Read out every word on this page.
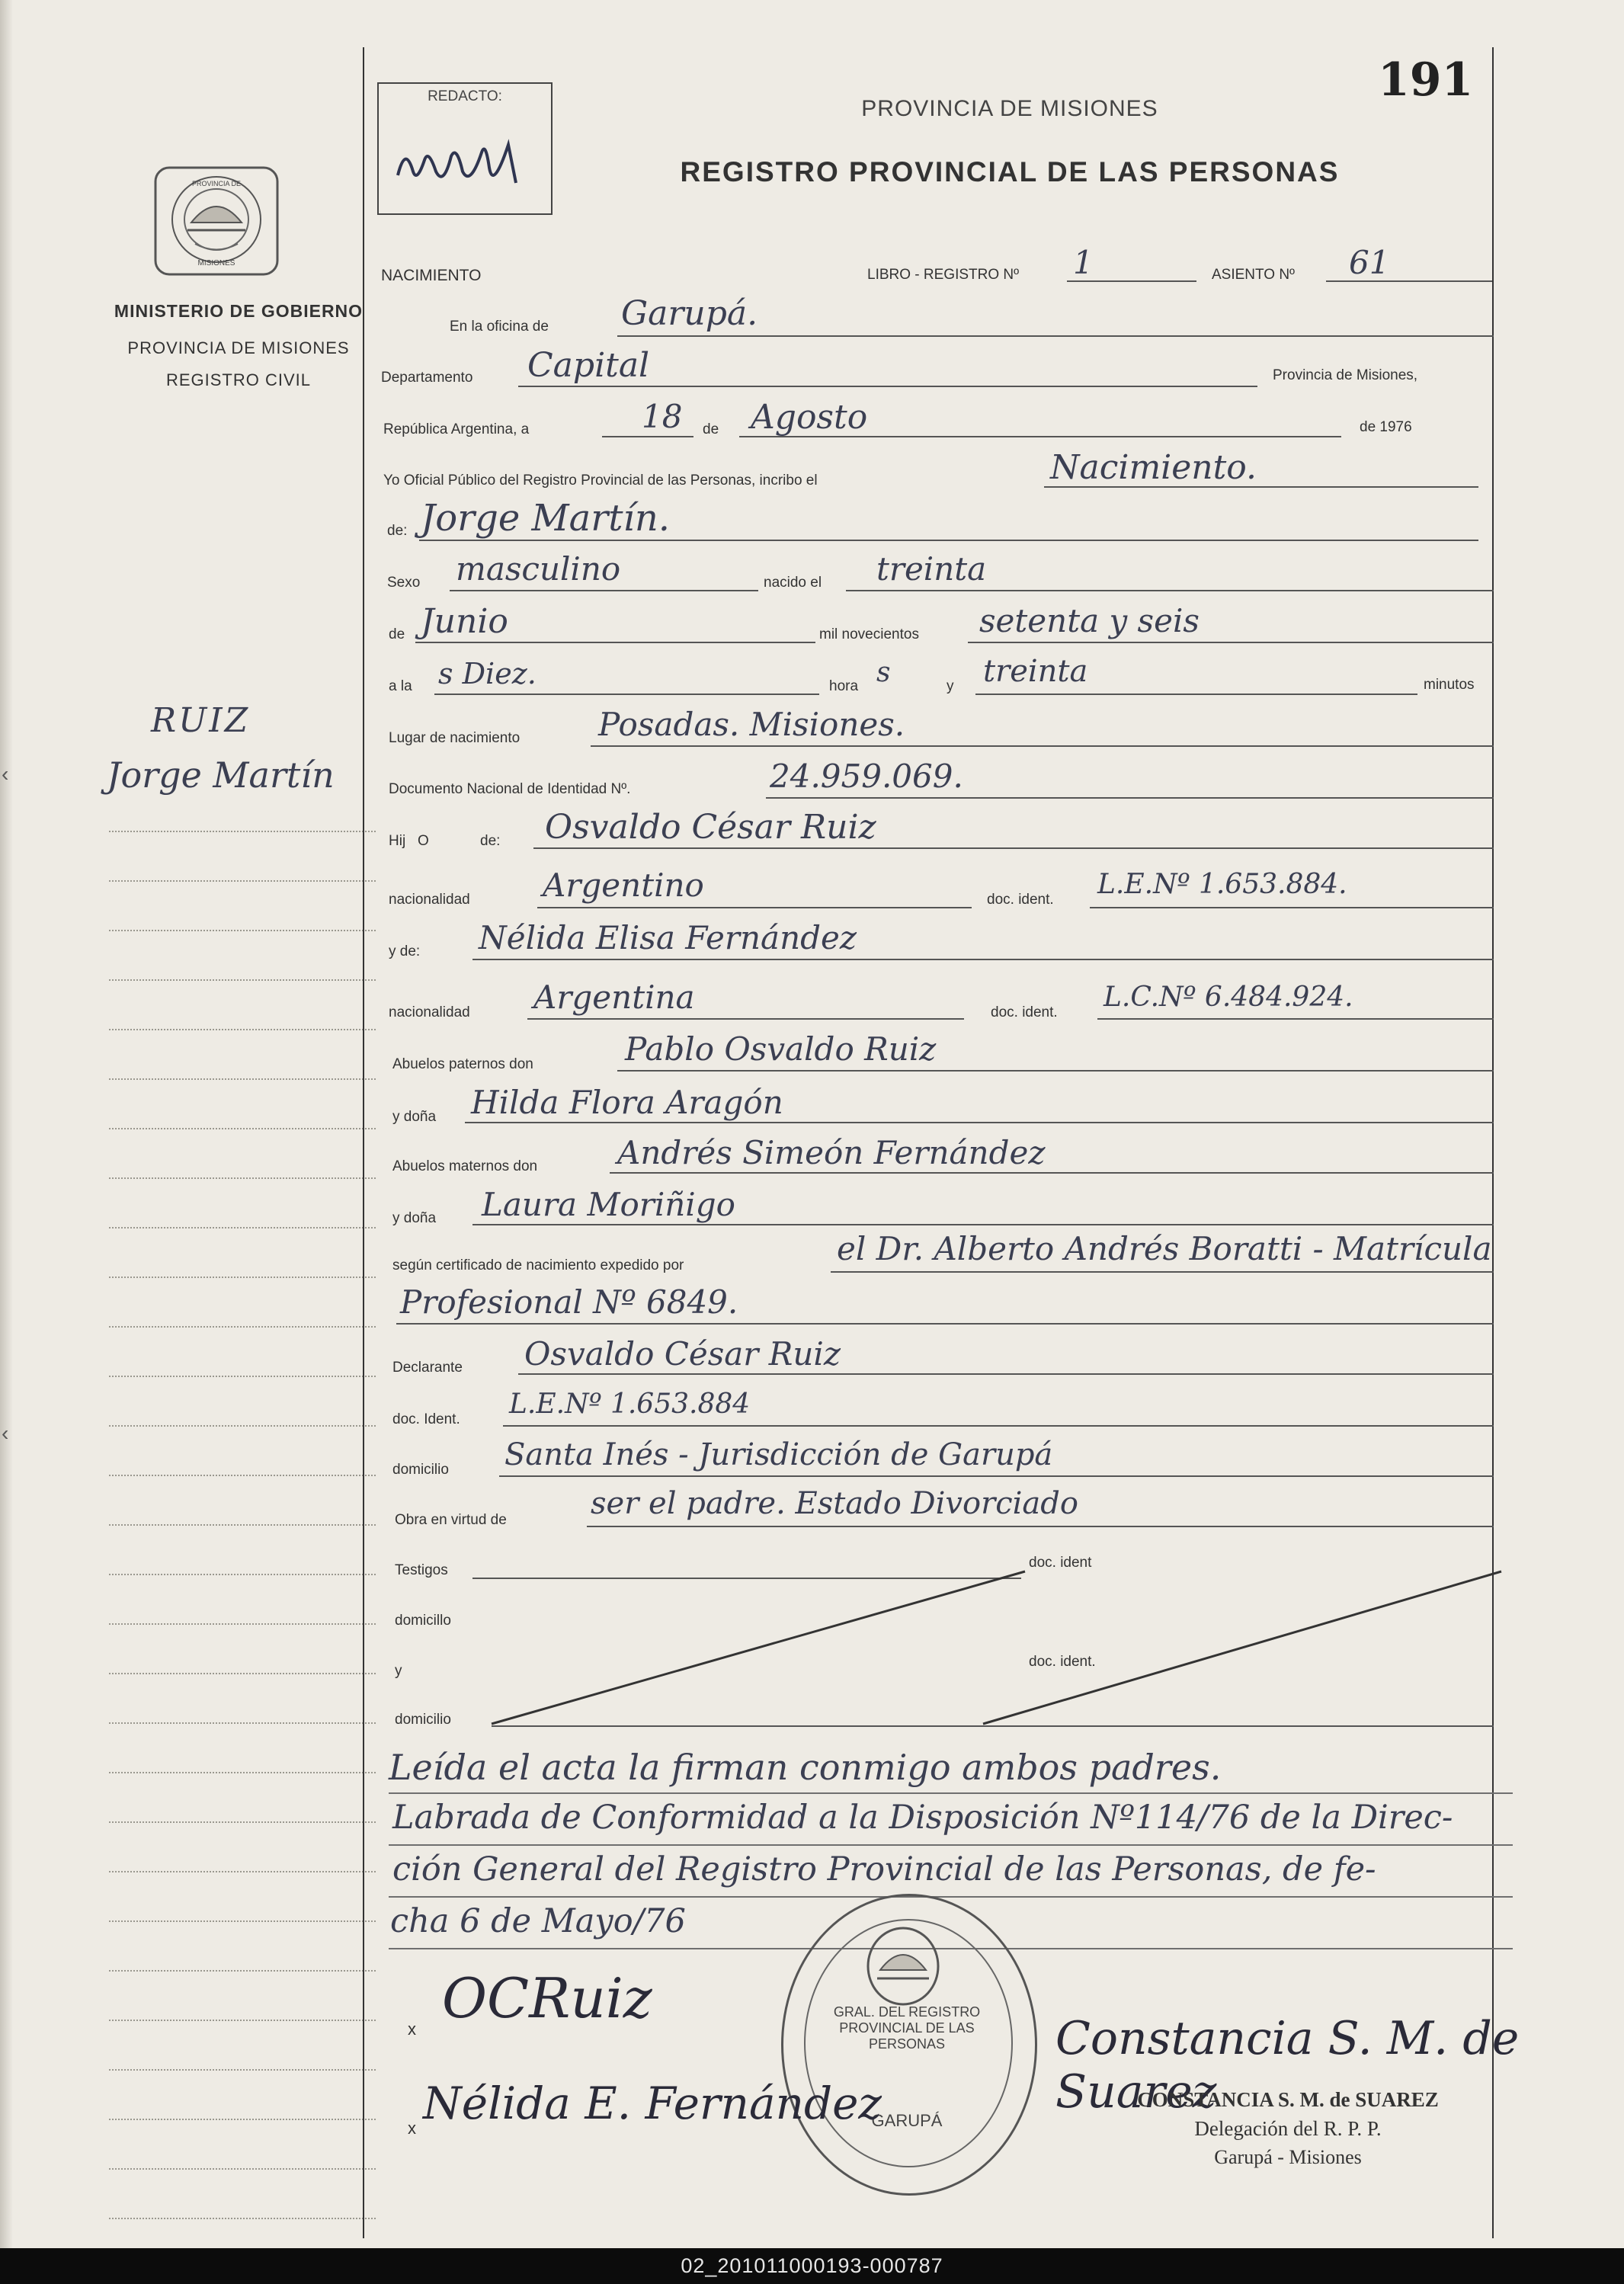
PROVINCIA DE
MISIONES
MINISTERIO DE GOBIERNO
PROVINCIA DE MISIONES
REGISTRO CIVIL
RUIZ
Jorge Martín
‹
‹
REDACTO:	191
PROVINCIA DE MISIONES
REGISTRO PROVINCIAL DE LAS PERSONAS
NACIMIENTO	LIBRO - REGISTRO Nº 1	ASIENTO Nº 61
En la oficina de Garupá.
Departamento Capital	Provincia de Misiones,
República Argentina, a	18 de Agosto	de 1976
Yo Oficial Público del Registro Provincial de las Personas, incribo el	Nacimiento.
de: Jorge Martín.
Sexo masculino	nacido el treinta
de Junio	mil novecientos setenta y seis
a la s Diez.	hora s	y treinta	minutos
Lugar de nacimiento Posadas. Misiones.
Documento Nacional de Identidad Nº.	24.959.069.
Hij O	de: Osvaldo César Ruiz
nacionalidad Argentino	doc. ident. L.E.Nº 1.653.884.
y de: Nélida Elisa Fernández
nacionalidad Argentina	doc. ident. L.C.Nº 6.484.924.
Abuelos paternos don	Pablo Osvaldo Ruiz
y doña Hilda Flora Aragón
Abuelos maternos don Andrés Simeón Fernández
y doña Laura Moriñigo
según certificado de nacimiento expedido por	el Dr. Alberto Andrés Boratti - Matrícula
Profesional Nº 6849.
Declarante Osvaldo César Ruiz
doc. Ident. L.E.Nº 1.653.884
domicilio Santa Inés - Jurisdicción de Garupá
Obra en virtud de	ser el padre. Estado Divorciado
Testigos	doc. ident
domicillo
y
doc. ident.
domicilio
Leída el acta la firman conmigo ambos padres.
Labrada de Conformidad a la Disposición Nº114/76 de la Direc-
ción General del Registro Provincial de las Personas, de fe-
cha 6 de Mayo/76
GRAL. DEL REGISTRO PROVINCIAL DE LAS PERSONAS
GARUPÁ
x OCRuiz
x Nélida E. Fernández
Constancia S. M. de Suarez
CONSTANCIA S. M. de SUAREZ
Delegación del R. P. P.
Garupá - Misiones
02_201011000193-000787
